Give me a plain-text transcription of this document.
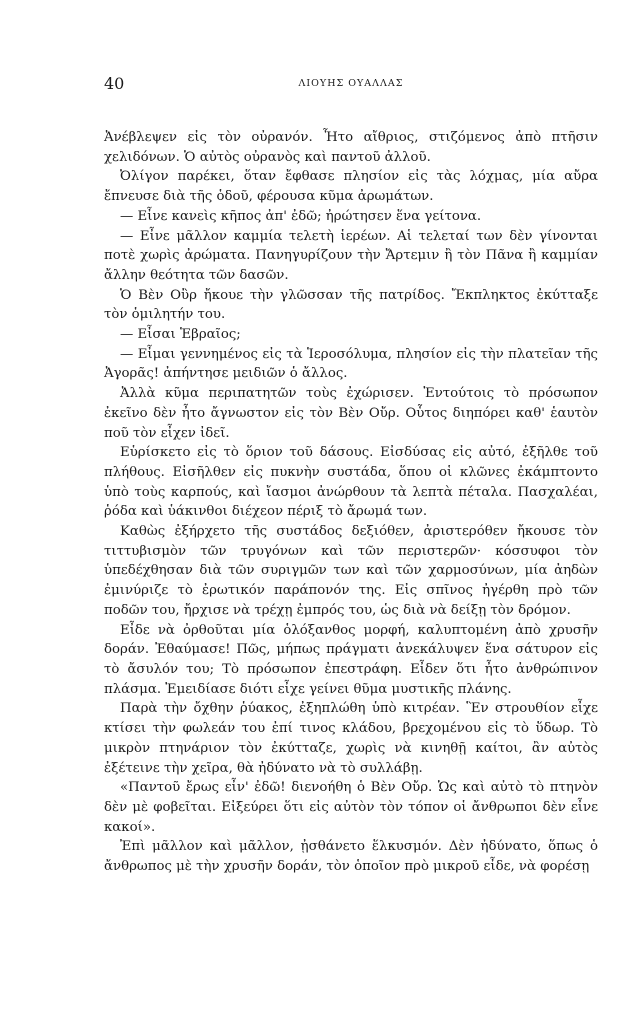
40	ΛΙΟΥΗΣ ΟΥΑΛΛΑΣ

Ἀνέβλεψεν εἰς τὸν οὐρανόν. Ἦτο αἴθριος, στιζόμενος ἀπὸ πτῆσιν χελιδόνων. Ὁ αὐτὸς οὐρανὸς καὶ παντοῦ ἀλλοῦ.

Ὀλίγον παρέκει, ὅταν ἔφθασε πλησίον εἰς τὰς λόχμας, μία αὔρα ἔπνευσε διὰ τῆς ὁδοῦ, φέρουσα κῦμα ἀρωμάτων.

— Εἶνε κανεὶς κῆπος ἀπ' ἐδῶ; ἠρώτησεν ἕνα γείτονα.

— Εἶνε μᾶλλον καμμία τελετὴ ἱερέων. Αἱ τελεταί των δὲν γίνονται ποτὲ χωρὶς ἀρώματα. Πανηγυρίζουν τὴν Ἄρτεμιν ἢ τὸν Πᾶνα ἢ καμμίαν ἄλλην θεότητα τῶν δασῶν.

Ὁ Βὲν Οὒρ ἤκουε τὴν γλῶσσαν τῆς πατρίδος. Ἔκπληκτος ἐκύτταξε τὸν ὁμιλητήν του.

— Εἶσαι Ἑβραῖος;

— Εἶμαι γεννημένος εἰς τὰ Ἱεροσόλυμα, πλησίον εἰς τὴν πλατεῖαν τῆς Ἀγορᾶς! ἀπήντησε μειδιῶν ὁ ἄλλος.

Ἀλλὰ κῦμα περιπατητῶν τοὺς ἐχώρισεν. Ἐντούτοις τὸ πρόσωπον ἐκεῖνο δὲν ἦτο ἄγνωστον εἰς τὸν Βὲν Οὔρ. Οὗτος διηπόρει καθ' ἑαυτὸν ποῦ τὸν εἶχεν ἰδεῖ.

Εὑρίσκετο εἰς τὸ ὅριον τοῦ δάσους. Εἰσδύσας εἰς αὐτό, ἐξῆλθε τοῦ πλήθους. Εἰσῆλθεν εἰς πυκνὴν συστάδα, ὅπου οἱ κλῶνες ἐκάμπτοντο ὑπὸ τοὺς καρπούς, καὶ ἴασμοι ἀνώρθουν τὰ λεπτὰ πέταλα. Πασχαλέαι, ῥόδα καὶ ὑάκινθοι διέχεον πέριξ τὸ ἄρωμά των.

Καθὼς ἐξήρχετο τῆς συστάδος δεξιόθεν, ἀριστερόθεν ἤκουσε τὸν τιττυβισμὸν τῶν τρυγόνων καὶ τῶν περιστερῶν· κόσσυφοι τὸν ὑπεδέχθησαν διὰ τῶν συριγμῶν των καὶ τῶν χαρμοσύνων, μία ἀηδὼν ἐμινύριζε τὸ ἐρωτικόν παράπονόν της. Εἰς σπῖνος ἠγέρθη πρὸ τῶν ποδῶν του, ἤρχισε νὰ τρέχῃ ἐμπρός του, ὡς διὰ νὰ δείξῃ τὸν δρόμον.

Εἶδε νὰ ὀρθοῦται μία ὁλόξανθος μορφή, καλυπτομένη ἀπὸ χρυσῆν δοράν. Ἐθαύμασε! Πῶς, μήπως πράγματι ἀνεκάλυψεν ἕνα σάτυρον εἰς τὸ ἄσυλόν του; Τὸ πρόσωπον ἐπεστράφη. Εἶδεν ὅτι ἦτο ἀνθρώπινον πλάσμα. Ἐμειδίασε διότι εἶχε γείνει θῦμα μυστικῆς πλάνης.

Παρὰ τὴν ὄχθην ῥύακος, ἐξηπλώθη ὑπὸ κιτρέαν. Ἓν στρουθίον εἶχε κτίσει τὴν φωλεάν του ἐπί τινος κλάδου, βρεχομένου εἰς τὸ ὕδωρ. Τὸ μικρὸν πτηνάριον τὸν ἐκύτταζε, χωρὶς νὰ κινηθῇ καίτοι, ἂν αὐτὸς ἐξέτεινε τὴν χεῖρα, θὰ ἠδύνατο νὰ τὸ συλλάβῃ.

«Παντοῦ ἔρως εἶν' ἐδῶ! διενοήθη ὁ Βὲν Οὔρ. Ὡς καὶ αὐτὸ τὸ πτηνὸν δὲν μὲ φοβεῖται. Εἰξεύρει ὅτι εἰς αὐτὸν τὸν τόπον οἱ ἄνθρωποι δὲν εἶνε κακοί».

Ἐπὶ μᾶλλον καὶ μᾶλλον, ᾐσθάνετο ἕλκυσμόν. Δὲν ἠδύνατο, ὅπως ὁ ἄνθρωπος μὲ τὴν χρυσῆν δοράν, τὸν ὁποῖον πρὸ μικροῦ εἶδε, νὰ φορέσῃ
